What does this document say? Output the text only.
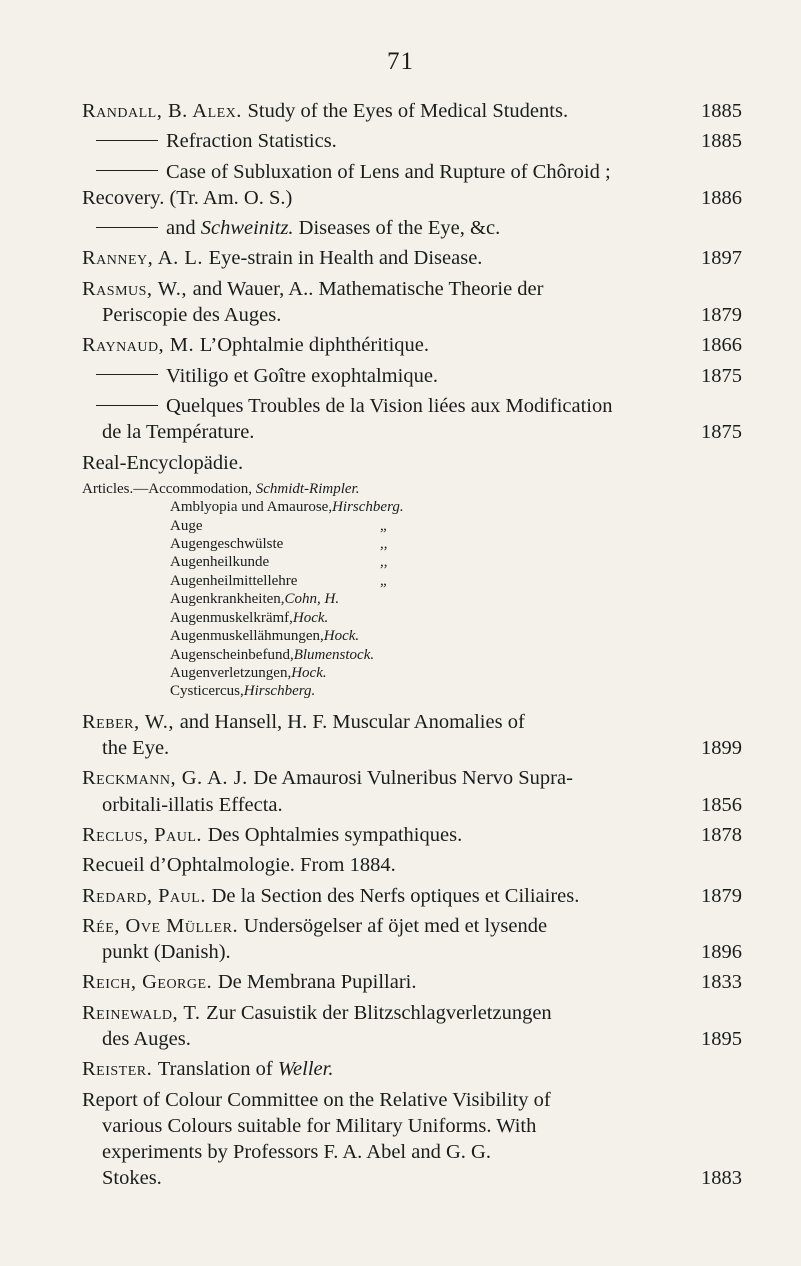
71
Randall, B. Alex. Study of the Eyes of Medical Students.	1885
Refraction Statistics.	1885
Case of Subluxation of Lens and Rupture of Chôroid ;
Recovery. (Tr. Am. O. S.)	1886
and Schweinitz. Diseases of the Eye, &c.
Ranney, A. L. Eye-strain in Health and Disease.	1897
Rasmus, W., and Wauer, A.. Mathematische Theorie der
Periscopie des Auges.	1879
Raynaud, M. L’Ophtalmie diphthéritique.	1866
Vitiligo et Goître exophtalmique.	1875
Quelques Troubles de la Vision liées aux Modification
de la Température.	1875
Real-Encyclopädie.
Articles.—Accommodation, Schmidt-Rimpler.
Amblyopia und Amaurose, Hirschberg.
Auge	„
Augengeschwülste	,,
Augenheilkunde	,,
Augenheilmittellehre	„
Augenkrankheiten, Cohn, H.
Augenmuskelkrämf, Hock.
Augenmuskellähmungen, Hock.
Augenscheinbefund, Blumenstock.
Augenverletzungen, Hock.
Cysticercus, Hirschberg.
Reber, W., and Hansell, H. F. Muscular Anomalies of
the Eye.	1899
Reckmann, G. A. J. De Amaurosi Vulneribus Nervo Supra-
orbitali-illatis Effecta.	1856
Reclus, Paul. Des Ophtalmies sympathiques.	1878
Recueil d’Ophtalmologie. From 1884.
Redard, Paul. De la Section des Nerfs optiques et Ciliaires.	1879
Rée, Ove Müller. Undersögelser af öjet med et lysende
punkt (Danish).	1896
Reich, George. De Membrana Pupillari.	1833
Reinewald, T. Zur Casuistik der Blitzschlagverletzungen
des Auges.	1895
Reister. Translation of Weller.
Report of Colour Committee on the Relative Visibility of
various Colours suitable for Military Uniforms. With
experiments by Professors F. A. Abel and G. G.
Stokes.	1883
